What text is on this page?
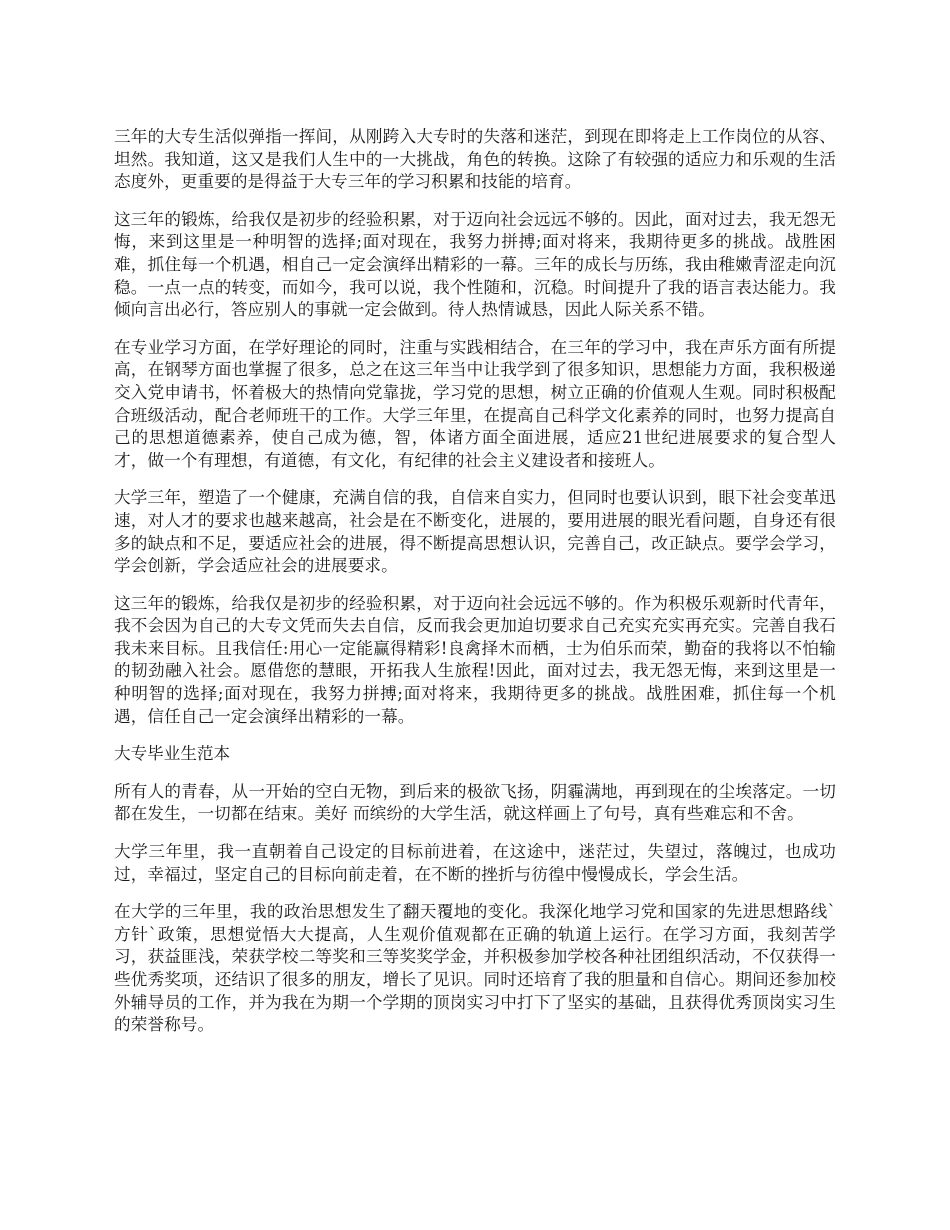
三年的大专生活似弹指一挥间，从刚跨入大专时的失落和迷茫，到现在即将走上工作岗位的从容、坦然。我知道，这又是我们人生中的一大挑战，角色的转换。这除了有较强的适应力和乐观的生活态度外，更重要的是得益于大专三年的学习积累和技能的培育。

这三年的锻炼，给我仅是初步的经验积累，对于迈向社会远远不够的。因此，面对过去，我无怨无悔，来到这里是一种明智的选择;面对现在，我努力拼搏;面对将来，我期待更多的挑战。战胜困难，抓住每一个机遇，相自己一定会演绎出精彩的一幕。三年的成长与历练，我由稚嫩青涩走向沉稳。一点一点的转变，而如今，我可以说，我个性随和，沉稳。时间提升了我的语言表达能力。我倾向言出必行，答应别人的事就一定会做到。待人热情诚恳，因此人际关系不错。

在专业学习方面，在学好理论的同时，注重与实践相结合，在三年的学习中，我在声乐方面有所提高，在钢琴方面也掌握了很多，总之在这三年当中让我学到了很多知识，思想能力方面，我积极递交入党申请书，怀着极大的热情向党靠拢，学习党的思想，树立正确的价值观人生观。同时积极配合班级活动，配合老师班干的工作。大学三年里，在提高自己科学文化素养的同时，也努力提高自己的思想道德素养，使自己成为德，智，体诸方面全面进展，适应21世纪进展要求的复合型人才，做一个有理想，有道德，有文化，有纪律的社会主义建设者和接班人。

大学三年，塑造了一个健康，充满自信的我，自信来自实力，但同时也要认识到，眼下社会变革迅速，对人才的要求也越来越高，社会是在不断变化，进展的，要用进展的眼光看问题，自身还有很多的缺点和不足，要适应社会的进展，得不断提高思想认识，完善自己，改正缺点。要学会学习，学会创新，学会适应社会的进展要求。

这三年的锻炼，给我仅是初步的经验积累，对于迈向社会远远不够的。作为积极乐观新时代青年，我不会因为自己的大专文凭而失去自信，反而我会更加迫切要求自己充实充实再充实。完善自我石我未来目标。且我信任:用心一定能赢得精彩!良禽择木而栖，士为伯乐而荣，勤奋的我将以不怕输的韧劲融入社会。愿借您的慧眼，开拓我人生旅程!因此，面对过去，我无怨无悔，来到这里是一种明智的选择;面对现在，我努力拼搏;面对将来，我期待更多的挑战。战胜困难，抓住每一个机遇，信任自己一定会演绎出精彩的一幕。

大专毕业生范本

所有人的青春，从一开始的空白无物，到后来的极欲飞扬，阴霾满地，再到现在的尘埃落定。一切都在发生，一切都在结束。美好 而缤纷的大学生活，就这样画上了句号，真有些难忘和不舍。

大学三年里，我一直朝着自己设定的目标前进着，在这途中，迷茫过，失望过，落魄过，也成功过，幸福过，坚定自己的目标向前走着，在不断的挫折与彷徨中慢慢成长，学会生活。

在大学的三年里，我的政治思想发生了翻天覆地的变化。我深化地学习党和国家的先进思想路线`方针`政策，思想觉悟大大提高，人生观价值观都在正确的轨道上运行。在学习方面，我刻苦学习，获益匪浅，荣获学校二等奖和三等奖奖学金，并积极参加学校各种社团组织活动，不仅获得一些优秀奖项，还结识了很多的朋友，增长了见识。同时还培育了我的胆量和自信心。期间还参加校外辅导员的工作，并为我在为期一个学期的顶岗实习中打下了坚实的基础，且获得优秀顶岗实习生的荣誉称号。
